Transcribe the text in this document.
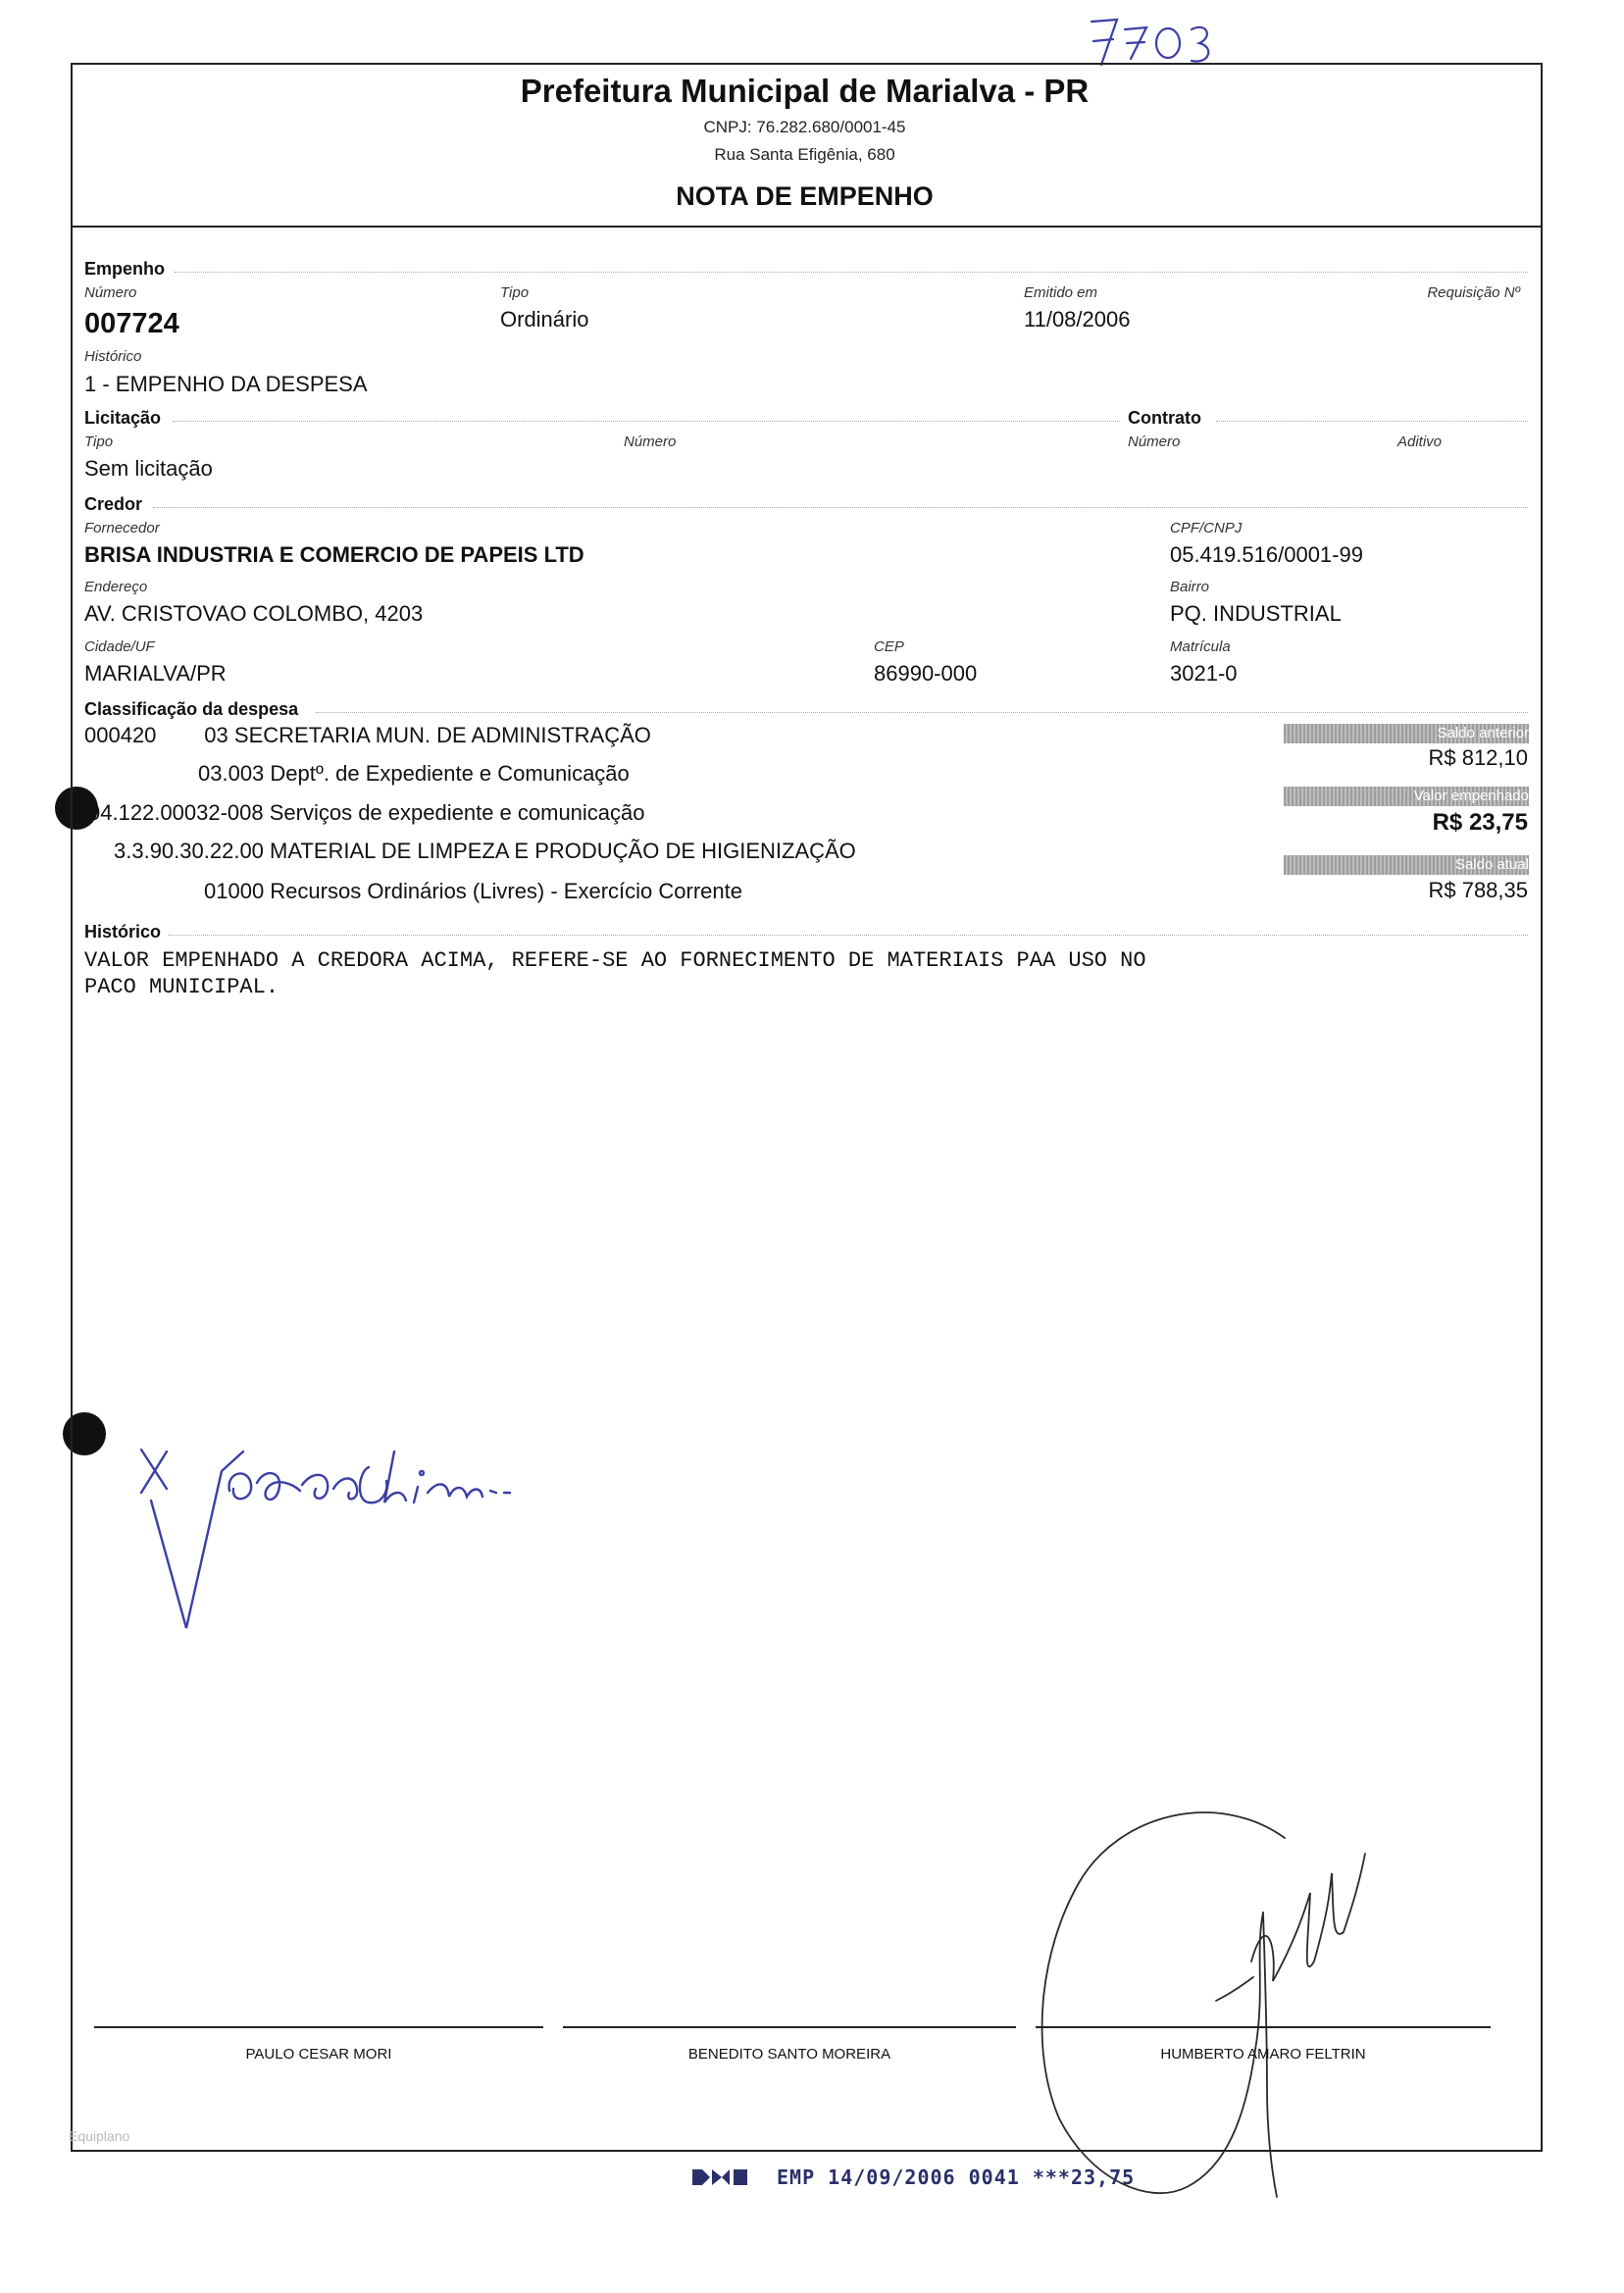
Prefeitura Municipal de Marialva - PR
CNPJ: 76.282.680/0001-45
Rua Santa Efigênia, 680
NOTA DE EMPENHO
Empenho
Número
007724
Tipo
Ordinário
Emitido em
11/08/2006
Requisição Nº
Histórico
1 - EMPENHO DA DESPESA
Licitação
Tipo
Sem licitação
Número
Contrato
Número	Aditivo
Credor
Fornecedor
BRISA INDUSTRIA E COMERCIO DE PAPEIS LTD
CPF/CNPJ
05.419.516/0001-99
Endereço
AV. CRISTOVAO COLOMBO, 4203
Bairro
PQ. INDUSTRIAL
Cidade/UF
MARIALVA/PR
CEP
86990-000
Matrícula
3021-0
Classificação da despesa
000420        03 SECRETARIA MUN. DE ADMINISTRAÇÃO
03.003 Deptº. de Expediente e Comunicação
04.122.00032-008 Serviços de expediente e comunicação
3.3.90.30.22.00 MATERIAL DE LIMPEZA E PRODUÇÃO DE HIGIENIZAÇÃO
01000 Recursos Ordinários (Livres) - Exercício Corrente
Saldo anterior
R$ 812,10
Valor empenhado
R$ 23,75
Saldo atual
R$ 788,35
Histórico
VALOR EMPENHADO A CREDORA ACIMA, REFERE-SE AO FORNECIMENTO DE MATERIAIS PAA USO NO
PACO MUNICIPAL.
PAULO CESAR MORI	BENEDITO SANTO MOREIRA	HUMBERTO AMARO FELTRIN
Equiplano
EMP 14/09/2006 0041 ***23,75
